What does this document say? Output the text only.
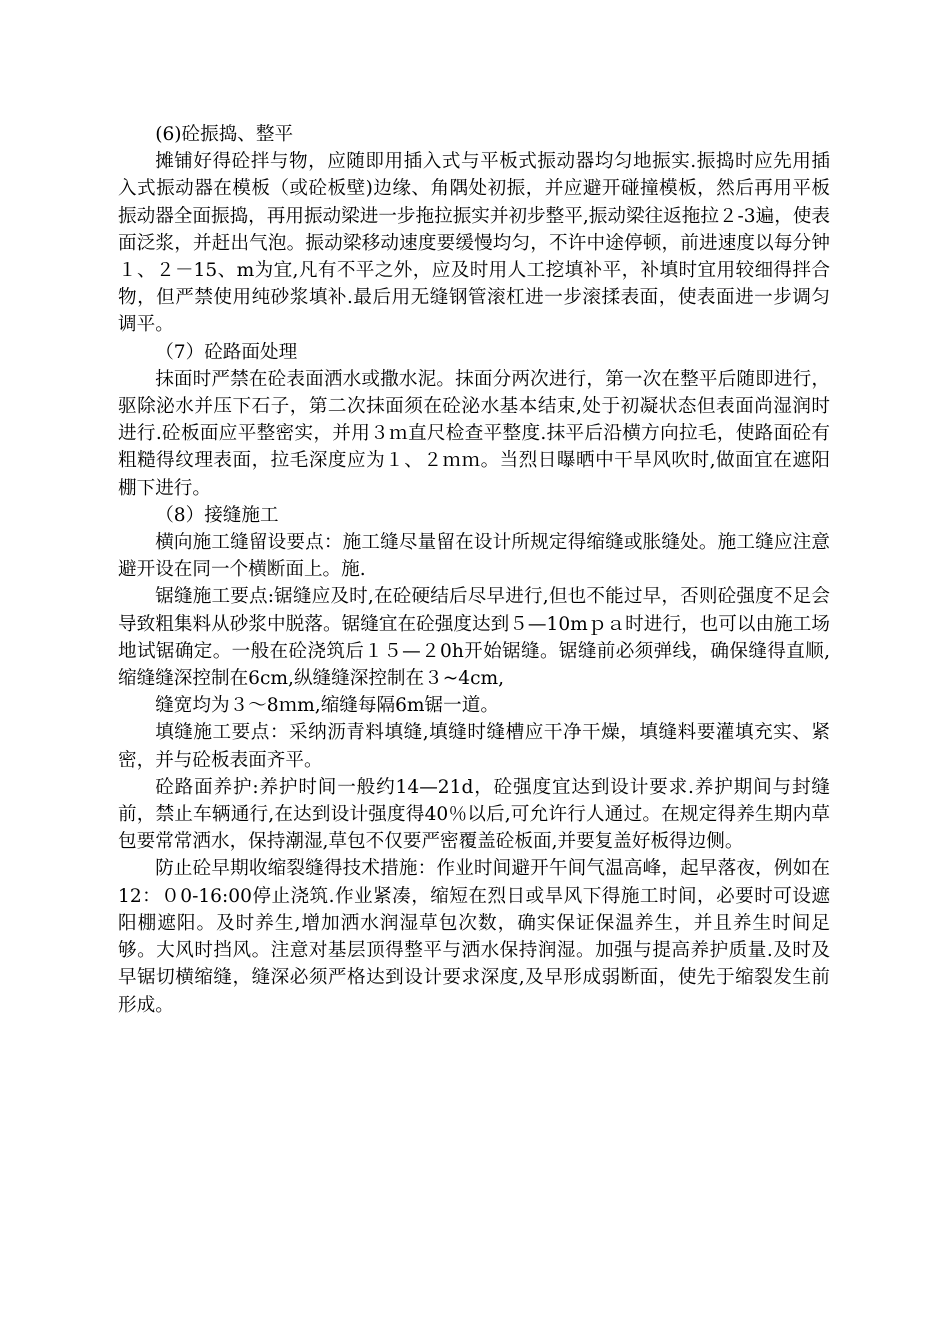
(6)砼振捣、整平

摊铺好得砼拌与物，应随即用插入式与平板式振动器均匀地振实.振捣时应先用插入式振动器在模板（或砼板壁)边缘、角隅处初振，并应避开碰撞模板，然后再用平板振动器全面振捣，再用振动梁进一步拖拉振实并初步整平,振动梁往返拖拉２-3遍，使表面泛浆，并赶出气泡。振动梁移动速度要缓慢均匀，不许中途停顿，前进速度以每分钟１、２－15、m为宜,凡有不平之外，应及时用人工挖填补平，补填时宜用较细得拌合物，但严禁使用纯砂浆填补.最后用无缝钢管滚杠进一步滚揉表面，使表面进一步调匀调平。

（7）砼路面处理

抹面时严禁在砼表面洒水或撒水泥。抹面分两次进行，第一次在整平后随即进行，驱除泌水并压下石子，第二次抹面须在砼泌水基本结束,处于初凝状态但表面尚湿润时进行.砼板面应平整密实，并用３ｍ直尺检查平整度.抹平后沿横方向拉毛，使路面砼有粗糙得纹理表面，拉毛深度应为１、２ｍｍ。当烈日曝晒中干旱风吹时,做面宜在遮阳棚下进行。

（8）接缝施工

横向施工缝留设要点：施工缝尽量留在设计所规定得缩缝或胀缝处。施工缝应注意避开设在同一个横断面上。施.

锯缝施工要点:锯缝应及时,在砼硬结后尽早进行,但也不能过早，否则砼强度不足会导致粗集料从砂浆中脱落。锯缝宜在砼强度达到５—10mｐａ时进行，也可以由施工场地试锯确定。一般在砼浇筑后１５—２0h开始锯缝。锯缝前必须弹线，确保缝得直顺,缩缝缝深控制在6cm,纵缝缝深控制在３~4cm,

缝宽均为３～8ｍm,缩缝每隔6m锯一道。

填缝施工要点：采纳沥青料填缝,填缝时缝槽应干净干燥，填缝料要灌填充实、紧密，并与砼板表面齐平。

砼路面养护:养护时间一般约14—21d，砼强度宜达到设计要求.养护期间与封缝前，禁止车辆通行,在达到设计强度得40％以后,可允许行人通过。在规定得养生期内草包要常常洒水，保持潮湿,草包不仅要严密覆盖砼板面,并要复盖好板得边侧。

防止砼早期收缩裂缝得技术措施：作业时间避开午间气温高峰，起早落夜，例如在12：０0-16:00停止浇筑.作业紧凑，缩短在烈日或旱风下得施工时间，必要时可设遮阳棚遮阳。及时养生,增加洒水润湿草包次数，确实保证保温养生，并且养生时间足够。大风时挡风。注意对基层顶得整平与洒水保持润湿。加强与提高养护质量.及时及早锯切横缩缝，缝深必须严格达到设计要求深度,及早形成弱断面，使先于缩裂发生前形成。
